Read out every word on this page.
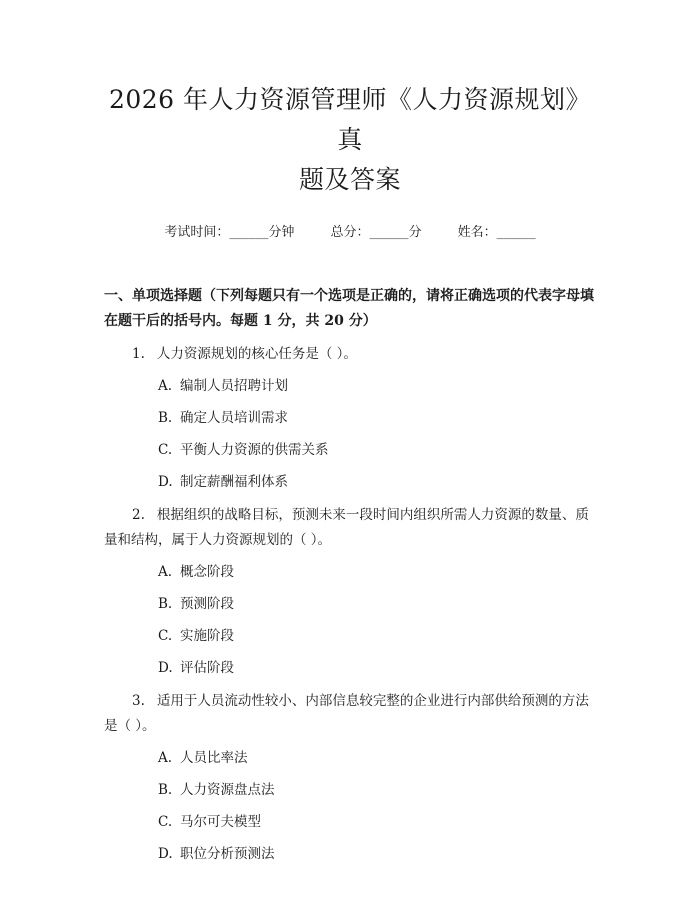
2026 年人力资源管理师《人力资源规划》真
题及答案
考试时间：______分钟	总分：______分	姓名：______
一、单项选择题（下列每题只有一个选项是正确的，请将正确选项的代表字母填在题干后的括号内。每题 1 分，共 20 分）
1. 人力资源规划的核心任务是（ ）。
A. 编制人员招聘计划
B. 确定人员培训需求
C. 平衡人力资源的供需关系
D. 制定薪酬福利体系
2. 根据组织的战略目标，预测未来一段时间内组织所需人力资源的数量、质量和结构，属于人力资源规划的（ ）。
A. 概念阶段
B. 预测阶段
C. 实施阶段
D. 评估阶段
3. 适用于人员流动性较小、内部信息较完整的企业进行内部供给预测的方法是（ ）。
A. 人员比率法
B. 人力资源盘点法
C. 马尔可夫模型
D. 职位分析预测法
